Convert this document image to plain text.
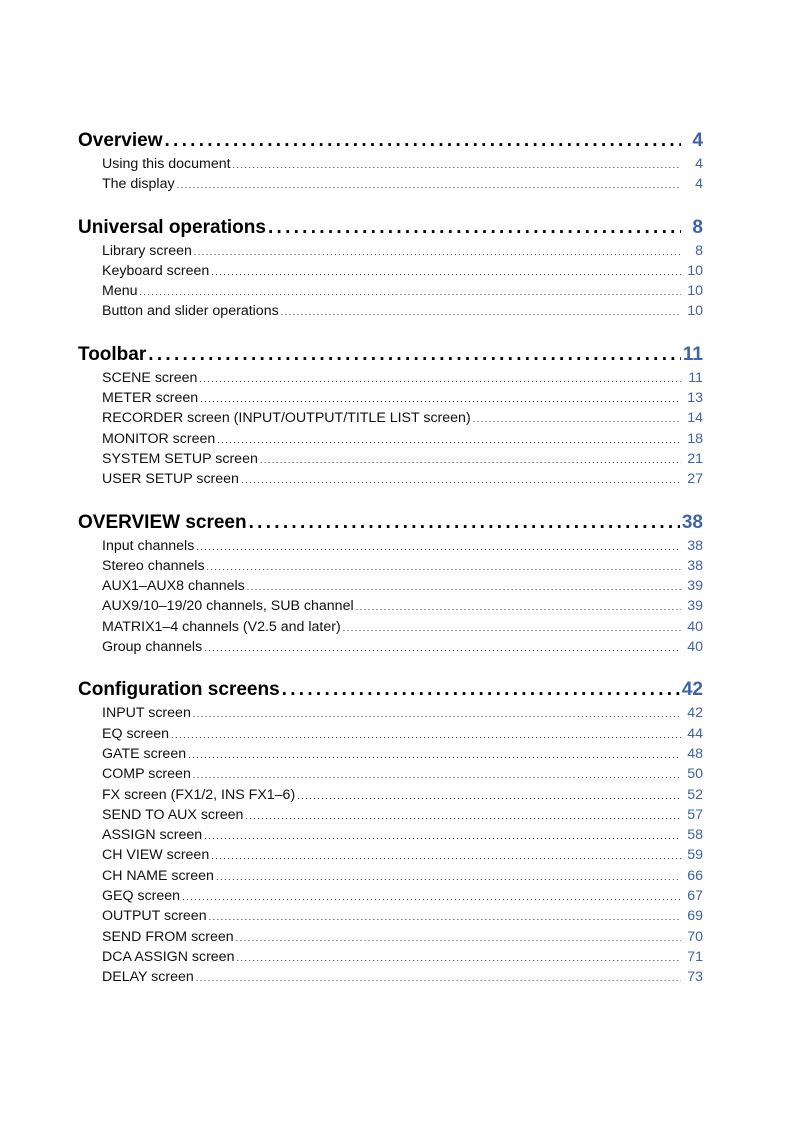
Overview . . .	4
Using this document . . .	4
The display . . .	4
Universal operations . . .	8
Library screen . . .	8
Keyboard screen . . .	10
Menu . . .	10
Button and slider operations . . .	10
Toolbar . . .	11
SCENE screen . . .	11
METER screen . . .	13
RECORDER screen (INPUT/OUTPUT/TITLE LIST screen) . . .	14
MONITOR screen . . .	18
SYSTEM SETUP screen . . .	21
USER SETUP screen . . .	27
OVERVIEW screen . . .	38
Input channels . . .	38
Stereo channels . . .	38
AUX1–AUX8 channels . . .	39
AUX9/10–19/20 channels, SUB channel . . .	39
MATRIX1–4 channels (V2.5 and later) . . .	40
Group channels . . .	40
Configuration screens . . .	42
INPUT screen . . .	42
EQ screen . . .	44
GATE screen . . .	48
COMP screen . . .	50
FX screen (FX1/2, INS FX1–6) . . .	52
SEND TO AUX screen . . .	57
ASSIGN screen . . .	58
CH VIEW screen . . .	59
CH NAME screen . . .	66
GEQ screen . . .	67
OUTPUT screen . . .	69
SEND FROM screen . . .	70
DCA ASSIGN screen . . .	71
DELAY screen . . .	73
